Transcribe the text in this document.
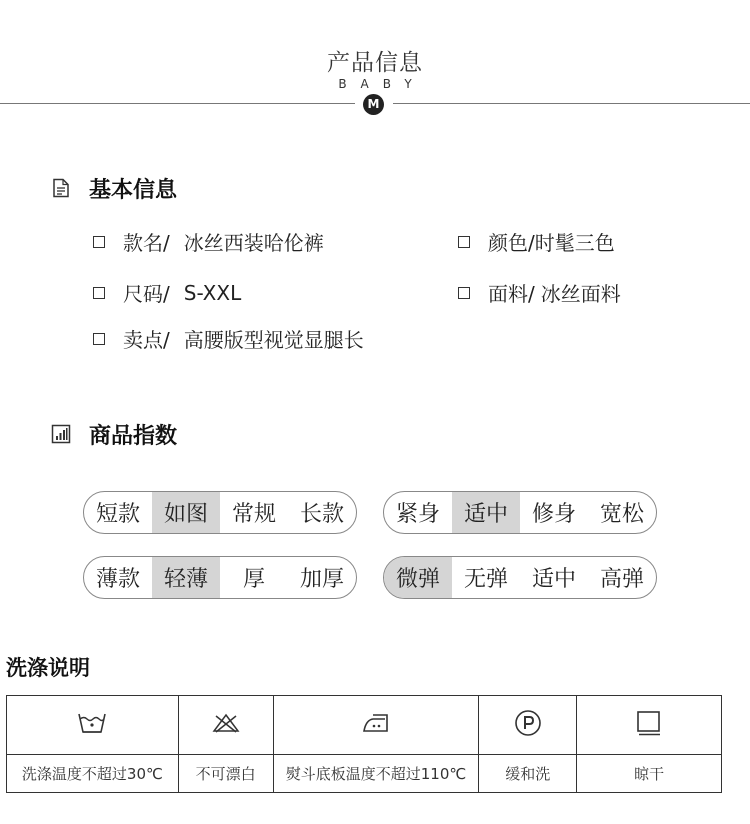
产品信息
BABY
M
基本信息
款名/ 冰丝西装哈伦裤	颜色/ 时髦三色
尺码/ S-XXL	面料/ 冰丝面料
卖点/ 高腰版型视觉显腿长
商品指数
短款	如图	常规	长款	紧身	适中	修身	宽松
薄款	轻薄	厚	加厚	微弹	无弹	适中	高弹
洗涤说明

洗涤温度不超过30℃	不可漂白	熨斗底板温度不超过110℃	缓和洗	晾干
